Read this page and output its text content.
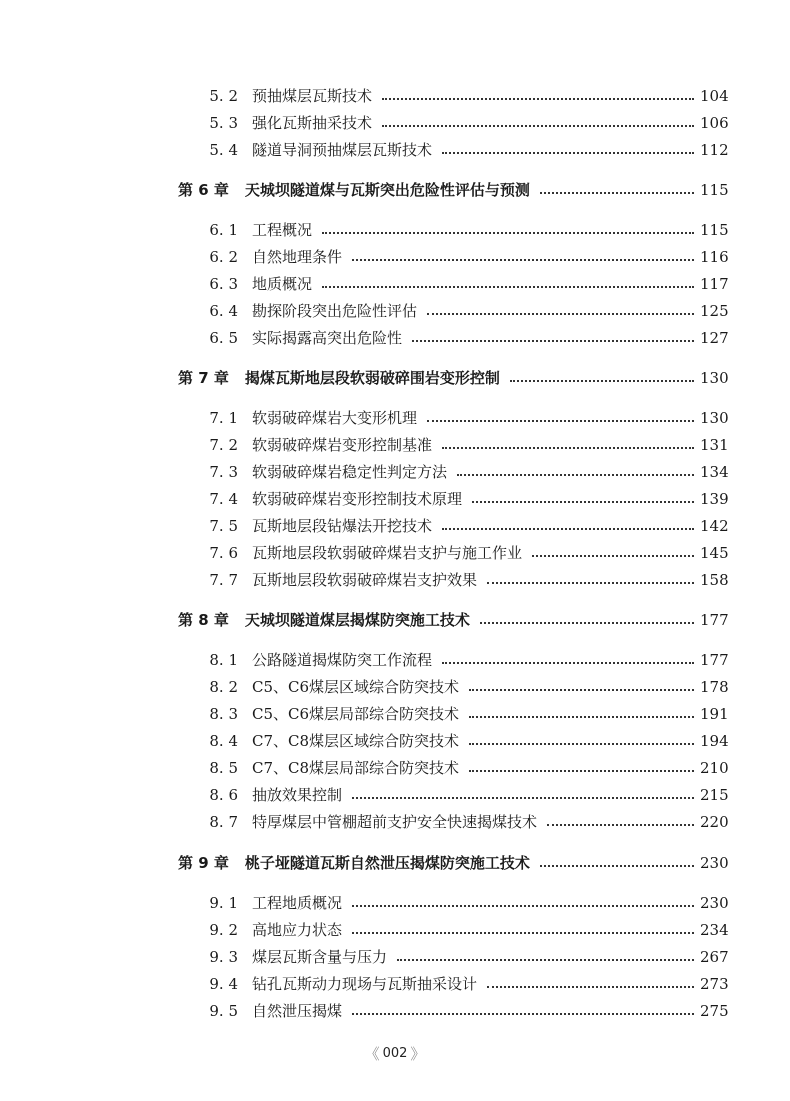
5. 2 预抽煤层瓦斯技术	104
5. 3 强化瓦斯抽采技术	106
5. 4 隧道导洞预抽煤层瓦斯技术	112
第 6 章 天城坝隧道煤与瓦斯突出危险性评估与预测	115
6. 1 工程概况	115
6. 2 自然地理条件	116
6. 3 地质概况	117
6. 4 勘探阶段突出危险性评估	125
6. 5 实际揭露高突出危险性	127
第 7 章 揭煤瓦斯地层段软弱破碎围岩变形控制	130
7. 1 软弱破碎煤岩大变形机理	130
7. 2 软弱破碎煤岩变形控制基准	131
7. 3 软弱破碎煤岩稳定性判定方法	134
7. 4 软弱破碎煤岩变形控制技术原理	139
7. 5 瓦斯地层段钻爆法开挖技术	142
7. 6 瓦斯地层段软弱破碎煤岩支护与施工作业	145
7. 7 瓦斯地层段软弱破碎煤岩支护效果	158
第 8 章 天城坝隧道煤层揭煤防突施工技术	177
8. 1 公路隧道揭煤防突工作流程	177
8. 2 C5、C6煤层区域综合防突技术	178
8. 3 C5、C6煤层局部综合防突技术	191
8. 4 C7、C8煤层区域综合防突技术	194
8. 5 C7、C8煤层局部综合防突技术	210
8. 6 抽放效果控制	215
8. 7 特厚煤层中管棚超前支护安全快速揭煤技术	220
第 9 章 桃子垭隧道瓦斯自然泄压揭煤防突施工技术	230
9. 1 工程地质概况	230
9. 2 高地应力状态	234
9. 3 煤层瓦斯含量与压力	267
9. 4 钻孔瓦斯动力现场与瓦斯抽采设计	273
9. 5 自然泄压揭煤	275
《 002 》
